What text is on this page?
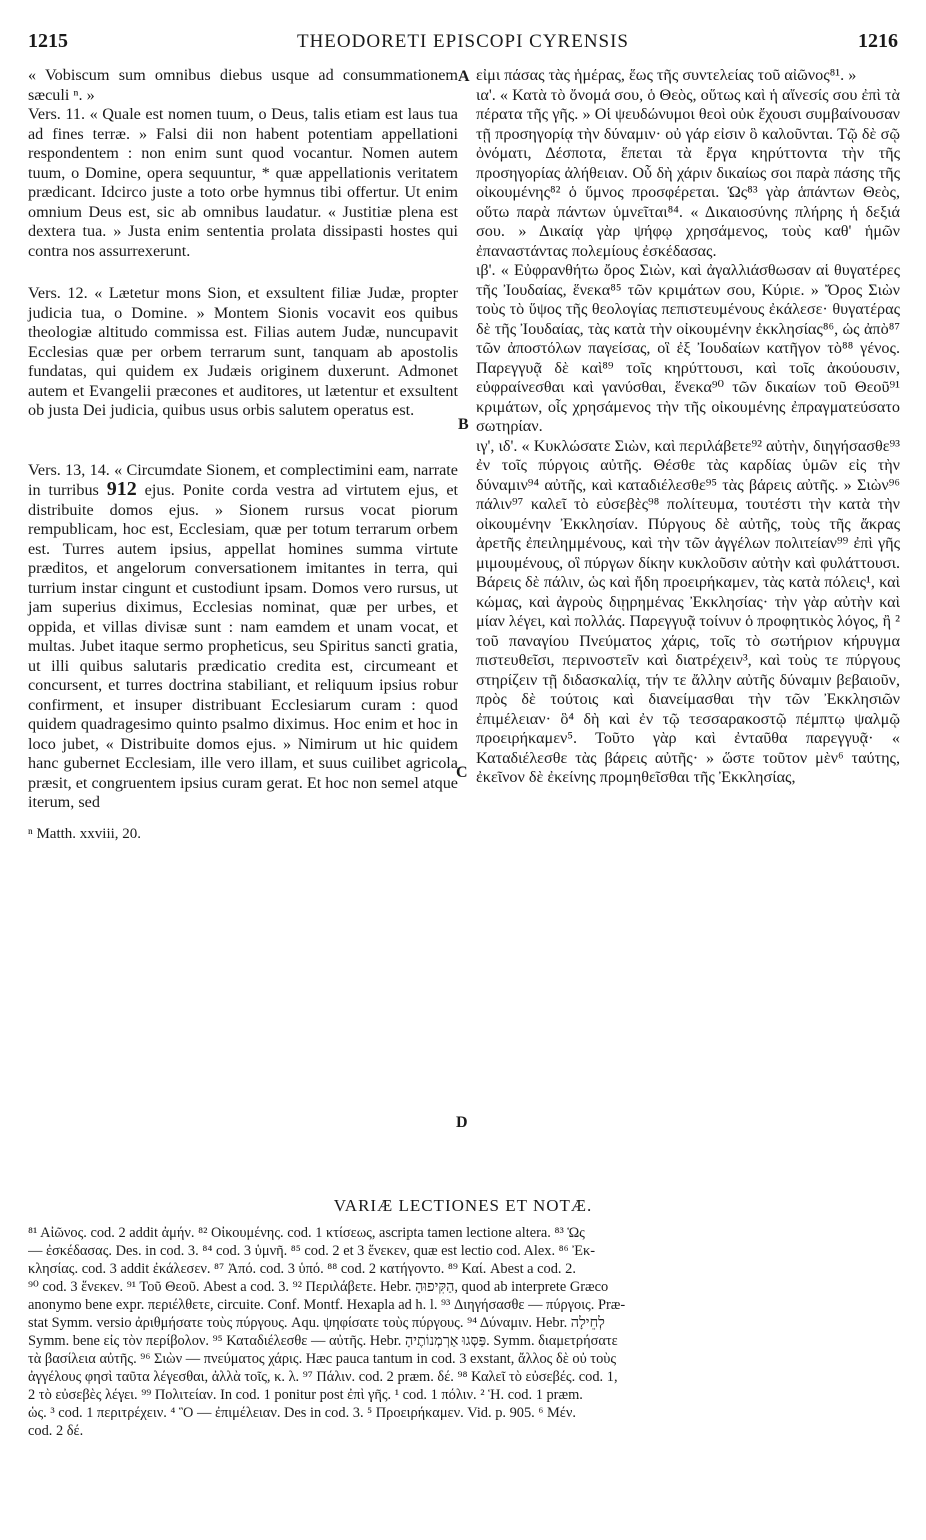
1215	THEODORETI EPISCOPI CYRENSIS	1216

« Vobiscum sum omnibus diebus usque ad consummationem sæculi ⁿ. »

Vers. 11. « Quale est nomen tuum, o Deus, talis etiam est laus tua ad fines terræ. » Falsi dii non habent potentiam appellationi respondentem : non enim sunt quod vocantur. Nomen autem tuum, o Domine, opera sequuntur, * quæ appellationis veritatem prædicant. Idcirco juste a toto orbe hymnus tibi offertur. Ut enim omnium Deus est, sic ab omnibus laudatur. « Justitiæ plena est dextera tua. » Justa enim sententia prolata dissipasti hostes qui contra nos assurrexerunt.

Vers. 12. « Lætetur mons Sion, et exsultent filiæ Judæ, propter judicia tua, o Domine. » Montem Sionis vocavit eos quibus theologiæ altitudo commissa est. Filias autem Judæ, nuncupavit Ecclesias quæ per orbem terrarum sunt, tanquam ab apostolis fundatas, qui quidem ex Judæis originem duxerunt. Admonet autem et Evangelii præcones et auditores, ut lætentur et exsultent ob justa Dei judicia, quibus usus orbis salutem operatus est.

Vers. 13, 14. « Circumdate Sionem, et complectimini eam, narrate in turribus 912 ejus. Ponite corda vestra ad virtutem ejus, et distribuite domos ejus. » Sionem rursus vocat piorum rempublicam, hoc est, Ecclesiam, quæ per totum terrarum orbem est. Turres autem ipsius, appellat homines summa virtute præditos, et angelorum conversationem imitantes in terra, qui turrium instar cingunt et custodiunt ipsam. Domos vero rursus, ut jam superius diximus, Ecclesias nominat, quæ per urbes, et oppida, et villas divisæ sunt : nam eamdem et unam vocat, et multas. Jubet itaque sermo propheticus, seu Spiritus sancti gratia, ut illi quibus salutaris prædicatio credita est, circumeant et concursent, et turres doctrina stabiliant, et reliquum ipsius robur confirment, et insuper distribuant Ecclesiarum curam : quod quidem quadragesimo quinto psalmo diximus. Hoc enim et hoc in loco jubet, « Distribuite domos ejus. » Nimirum ut hic quidem hanc gubernet Ecclesiam, ille vero illam, et suus cuilibet agricola præsit, et congruentem ipsius curam gerat. Et hoc non semel atque iterum, sed

ⁿ Matth. xxviii, 20.

εἰμι πάσας τὰς ἡμέρας, ἕως τῆς συντελείας τοῦ αἰῶνος⁸¹. »

ια'. « Κατὰ τὸ ὄνομά σου, ὁ Θεὸς, οὕτως καὶ ἡ αἴνεσίς σου ἐπὶ τὰ πέρατα τῆς γῆς. » Οἱ ψευδώνυμοι θεοὶ οὐκ ἔχουσι συμβαίνουσαν τῇ προσηγορίᾳ τὴν δύναμιν· οὐ γάρ εἰσιν ὃ καλοῦνται. Τῷ δὲ σῷ ὀνόματι, Δέσποτα, ἕπεται τὰ ἔργα κηρύττοντα τὴν τῆς προσηγορίας ἀλήθειαν. Οὗ δὴ χάριν δικαίως σοι παρὰ πάσης τῆς οἰκουμένης⁸² ὁ ὕμνος προσφέρεται. Ὡς⁸³ γὰρ ἁπάντων Θεὸς, οὕτω παρὰ πάντων ὑμνεῖται⁸⁴. « Δικαιοσύνης πλήρης ἡ δεξιά σου. » Δικαίᾳ γὰρ ψήφῳ χρησάμενος, τοὺς καθ' ἡμῶν ἐπαναστάντας πολεμίους ἐσκέδασας.

ιβ'. « Εὐφρανθήτω ὄρος Σιὼν, καὶ ἀγαλλιάσθωσαν αἱ θυγατέρες τῆς Ἰουδαίας, ἕνεκα⁸⁵ τῶν κριμάτων σου, Κύριε. » Ὄρος Σιὼν τοὺς τὸ ὕψος τῆς θεολογίας πεπιστευμένους ἐκάλεσε· θυγατέρας δὲ τῆς Ἰουδαίας, τὰς κατὰ τὴν οἰκουμένην ἐκκλησίας⁸⁶, ὡς ἀπὸ⁸⁷ τῶν ἀποστόλων παγείσας, οἳ ἐξ Ἰουδαίων κατῆγον τὸ⁸⁸ γένος. Παρεγγυᾷ δὲ καὶ⁸⁹ τοῖς κηρύττουσι, καὶ τοῖς ἀκούουσιν, εὐφραίνεσθαι καὶ γανύσθαι, ἕνεκα⁹⁰ τῶν δικαίων τοῦ Θεοῦ⁹¹ κριμάτων, οἷς χρησάμενος τὴν τῆς οἰκουμένης ἐπραγματεύσατο σωτηρίαν.

ιγ', ιδ'. « Κυκλώσατε Σιὼν, καὶ περιλάβετε⁹² αὐτὴν, διηγήσασθε⁹³ ἐν τοῖς πύργοις αὐτῆς. Θέσθε τὰς καρδίας ὑμῶν εἰς τὴν δύναμιν⁹⁴ αὐτῆς, καὶ καταδιέλεσθε⁹⁵ τὰς βάρεις αὐτῆς. » Σιὼν⁹⁶ πάλιν⁹⁷ καλεῖ τὸ εὐσεβὲς⁹⁸ πολίτευμα, τουτέστι τὴν κατὰ τὴν οἰκουμένην Ἐκκλησίαν. Πύργους δὲ αὐτῆς, τοὺς τῆς ἄκρας ἀρετῆς ἐπειλημμένους, καὶ τὴν τῶν ἀγγέλων πολιτείαν⁹⁹ ἐπὶ γῆς μιμουμένους, οἳ πύργων δίκην κυκλοῦσιν αὐτὴν καὶ φυλάττουσι. Βάρεις δὲ πάλιν, ὡς καὶ ἤδη προειρήκαμεν, τὰς κατὰ πόλεις¹, καὶ κώμας, καὶ ἀγροὺς διῃρημένας Ἐκκλησίας· τὴν γὰρ αὐτὴν καὶ μίαν λέγει, καὶ πολλάς. Παρεγγυᾷ τοίνυν ὁ προφητικὸς λόγος, ἢ ² τοῦ παναγίου Πνεύματος χάρις, τοῖς τὸ σωτήριον κήρυγμα πιστευθεῖσι, περινοστεῖν καὶ διατρέχειν³, καὶ τοὺς τε πύργους στηρίζειν τῇ διδασκαλίᾳ, τήν τε ἄλλην αὐτῆς δύναμιν βεβαιοῦν, πρὸς δὲ τούτοις καὶ διανείμασθαι τὴν τῶν Ἐκκλησιῶν ἐπιμέλειαν· ὃ⁴ δὴ καὶ ἐν τῷ τεσσαρακοστῷ πέμπτῳ ψαλμῷ προειρήκαμεν⁵. Τοῦτο γὰρ καὶ ἐνταῦθα παρεγγυᾷ· « Καταδιέλεσθε τὰς βάρεις αὐτῆς· » ὥστε τοῦτον μὲν⁶ ταύτης, ἐκεῖνον δὲ ἐκείνης προμηθεῖσθαι τῆς Ἐκκλησίας,

A
B
C
D
VARIÆ LECTIONES ET NOTÆ.
⁸¹ Αἰῶνος. cod. 2 addit ἀμήν. ⁸² Οἰκουμένης. cod. 1 κτίσεως, ascripta tamen lectione altera. ⁸³ Ὡς
— ἐσκέδασας. Des. in cod. 3. ⁸⁴ cod. 3 ὑμνῆ. ⁸⁵ cod. 2 et 3 ἕνεκεν, quæ est lectio cod. Alex. ⁸⁶ Ἐκ-
κλησίας. cod. 3 addit ἐκάλεσεν. ⁸⁷ Ἀπό. cod. 3 ὑπό. ⁸⁸ cod. 2 κατήγοντο. ⁸⁹ Καί. Abest a cod. 2.
⁹⁰ cod. 3 ἕνεκεν. ⁹¹ Τοῦ Θεοῦ. Abest a cod. 3. ⁹² Περιλάβετε. Hebr. הַקִּיפוּהָ, quod ab interprete Græco
anonymo bene expr. περιέλθετε, circuite. Conf. Montf. Hexapla ad h. l. ⁹³ Διηγήσασθε — πύργοις. Præ-
stat Symm. versio ἀριθμήσατε τοὺς πύργους. Aqu. ψηφίσατε τοὺς πύργους. ⁹⁴ Δύναμιν. Hebr. לְחֵילָה
Symm. bene εἰς τὸν περίβολον. ⁹⁵ Καταδιέλεσθε — αὐτῆς. Hebr. פַּסְּגוּ אַרְמְנוֹתֶיהָ. Symm. διαμετρήσατε
τὰ βασίλεια αὐτῆς. ⁹⁶ Σιὼν — πνεύματος χάρις. Hæc pauca tantum in cod. 3 exstant, ἄλλος δὲ οὐ τοὺς
ἀγγέλους φησὶ ταῦτα λέγεσθαι, ἀλλὰ τοῖς, κ. λ. ⁹⁷ Πάλιν. cod. 2 præm. δέ. ⁹⁸ Καλεῖ τὸ εὐσεβές. cod. 1,
2 τὸ εὐσεβὲς λέγει. ⁹⁹ Πολιτείαν. In cod. 1 ponitur post ἐπὶ γῆς. ¹ cod. 1 πόλιν. ² Ἡ. cod. 1 præm.
ὡς. ³ cod. 1 περιτρέχειν. ⁴ Ὃ — ἐπιμέλειαν. Des in cod. 3. ⁵ Προειρήκαμεν. Vid. p. 905. ⁶ Μέν.
cod. 2 δέ.
